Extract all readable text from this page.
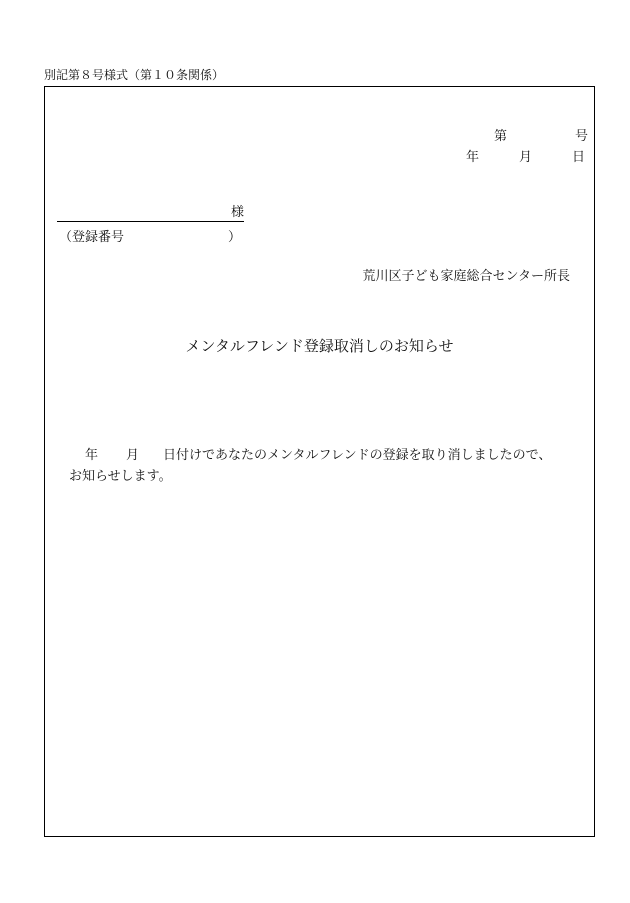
別記第８号様式（第１０条関係）
第	号
年	月	日
様
（登録番号	）
荒川区子ども家庭総合センター所長
メンタルフレンド登録取消しのお知らせ
年 月 日付けであなたのメンタルフレンドの登録を取り消しましたので、
お知らせします。
